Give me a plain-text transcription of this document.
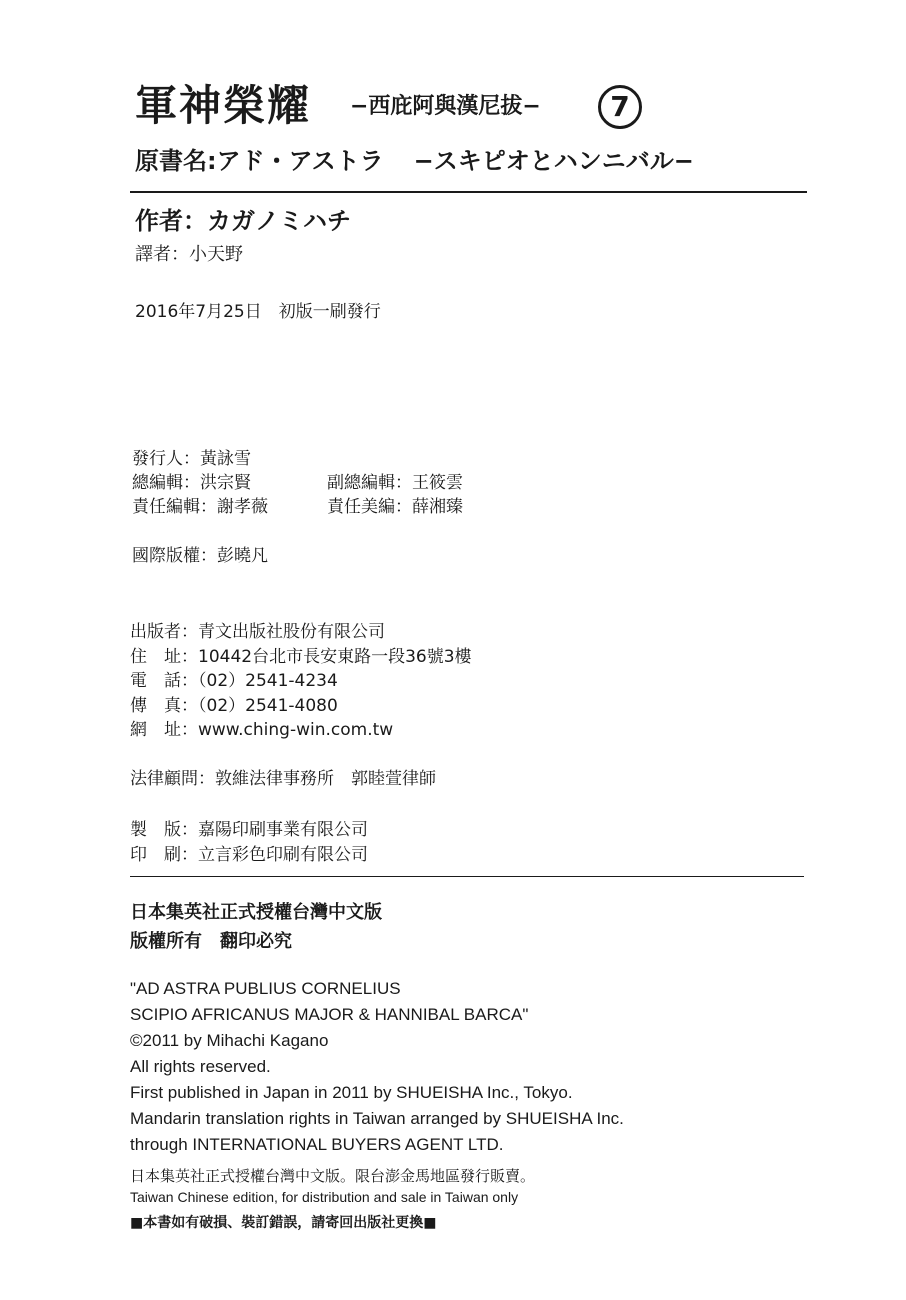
軍神榮耀 −西庇阿與漢尼拔− 7
原書名:アド・アストラ −スキピオとハンニバル−
作者：カガノミハチ
譯者：小天野
2016年7月25日　初版一刷發行
發行人：黃詠雪
總編輯：洪宗賢	副總編輯：王筱雲
責任編輯：謝孝薇	責任美編：薛湘臻
國際版權：彭曉凡
出版者：青文出版社股份有限公司
住　址：10442台北市長安東路一段36號3樓
電　話：（02）2541-4234
傳　真：（02）2541-4080
網　址：www.ching-win.com.tw
法律顧問：敦維法律事務所　郭睦萱律師
製　版：嘉陽印刷事業有限公司
印　刷：立言彩色印刷有限公司
日本集英社正式授權台灣中文版
版權所有　翻印必究
"AD ASTRA PUBLIUS CORNELIUS
SCIPIO AFRICANUS MAJOR & HANNIBAL BARCA"
©2011 by Mihachi Kagano
All rights reserved.
First published in Japan in 2011 by SHUEISHA Inc., Tokyo.
Mandarin translation rights in Taiwan arranged by SHUEISHA Inc.
through INTERNATIONAL BUYERS AGENT LTD.
日本集英社正式授權台灣中文版。限台澎金馬地區發行販賣。
Taiwan Chinese edition, for distribution and sale in Taiwan only
■本書如有破損、裝訂錯誤，請寄回出版社更換■
